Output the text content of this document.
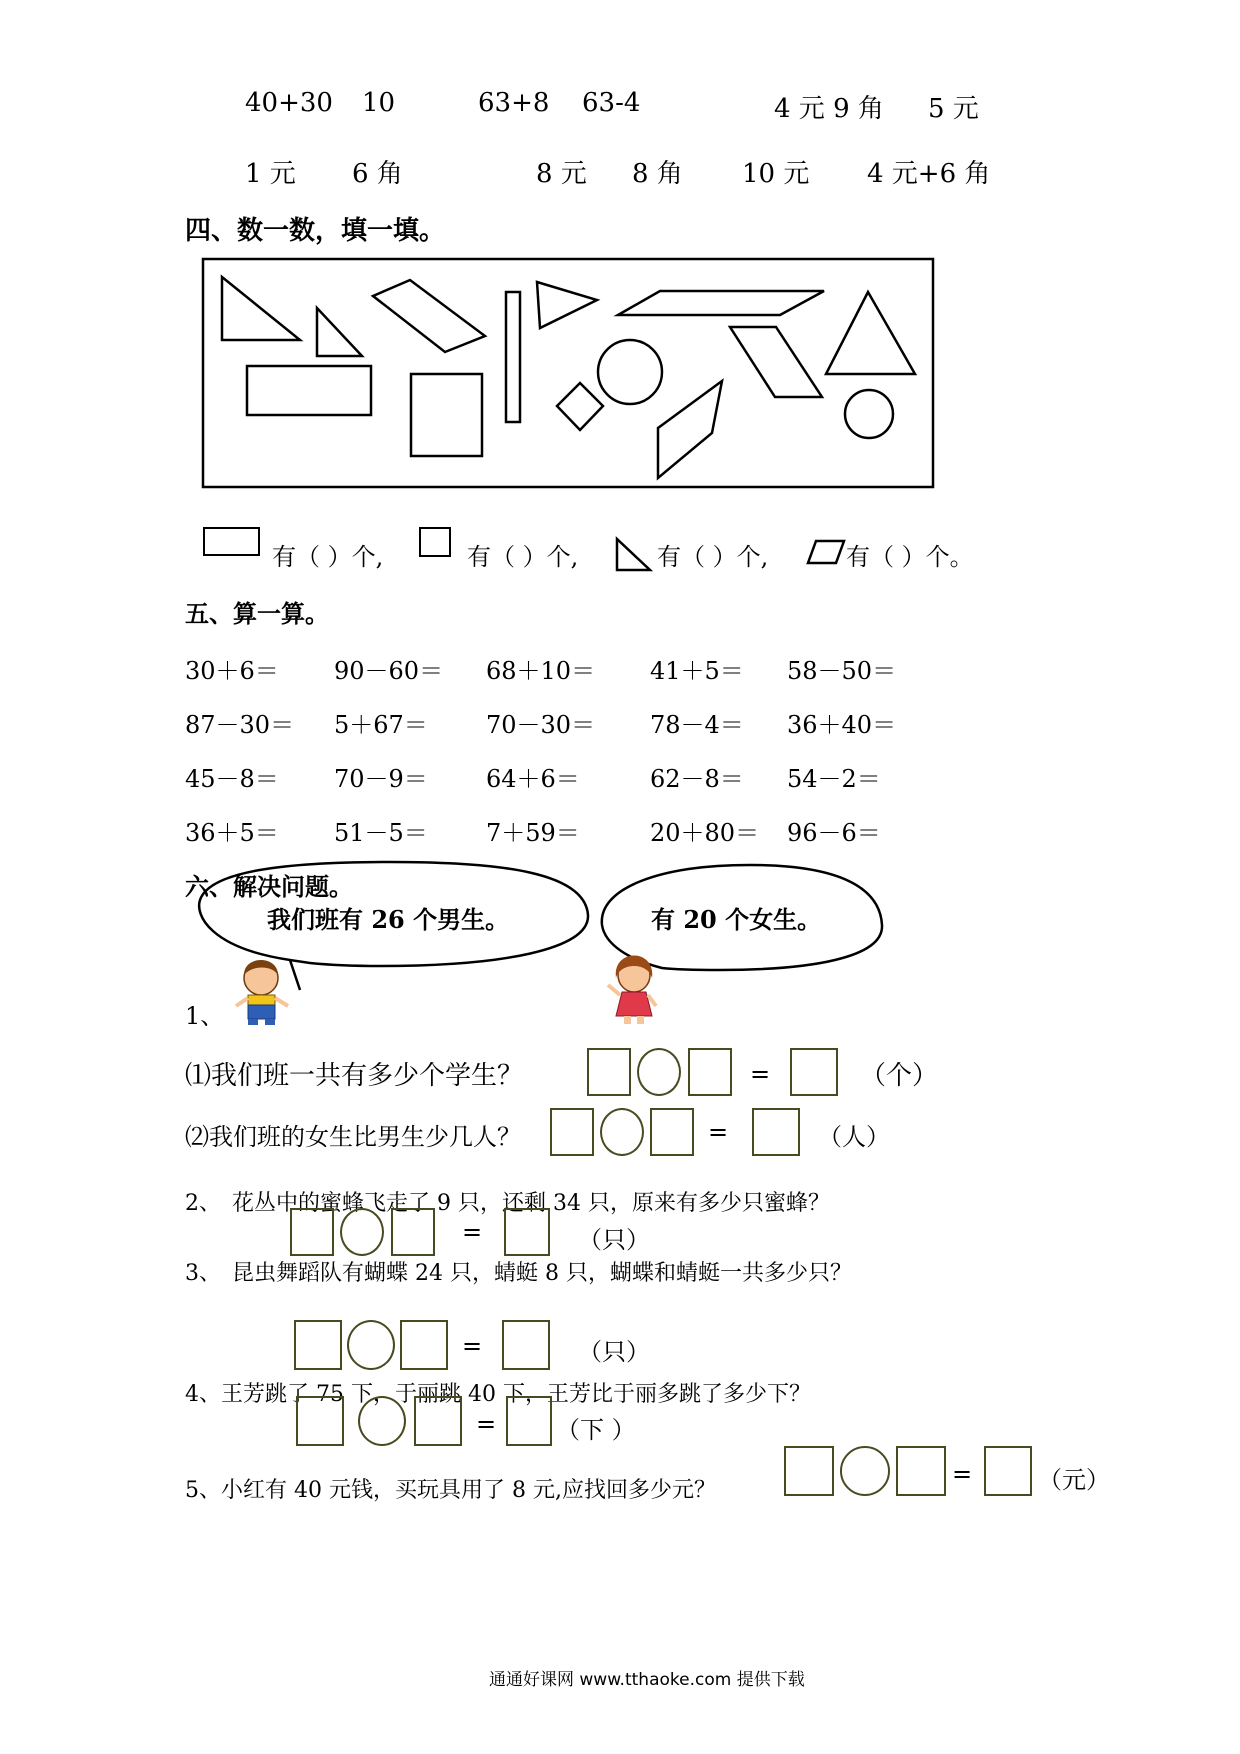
40+30 10	63+8 63-4	4 元 9 角 5 元
1 元 6 角	8 元 8 角 10 元 4 元+6 角
四、数一数，填一填。
有（ ）个,	有（ ）个,	有（ ）个,	有（ ）个。
五、算一算。
30＋6＝ 90－60＝ 68＋10＝ 41＋5＝ 58－50＝
87－30＝ 5＋67＝ 70－30＝ 78－4＝ 36＋40＝
45－8＝ 70－9＝ 64＋6＝	62－8＝ 54－2＝
36＋5＝ 51－5＝ 7＋59＝	20＋80＝ 96－6＝
六、解决问题。
我们班有 26 个男生。	有 20 个女生。
1、
⑴我们班一共有多少个学生？	=	（个）
⑵我们班的女生比男生少几人？	=	（人）
2、　花丛中的蜜蜂飞走了 9 只，还剩 34 只，原来有多少只蜜蜂？
=	（只）
3、　昆虫舞蹈队有蝴蝶 24 只，蜻蜓 8 只，蝴蝶和蜻蜓一共多少只？
=	（只）
4、王芳跳了 75 下，于丽跳 40 下，王芳比于丽多跳了多少下？
= （下 ）
5、小红有 40 元钱，买玩具用了 8 元,应找回多少元？
=	（元）
通通好课网 www.tthaoke.com 提供下载
